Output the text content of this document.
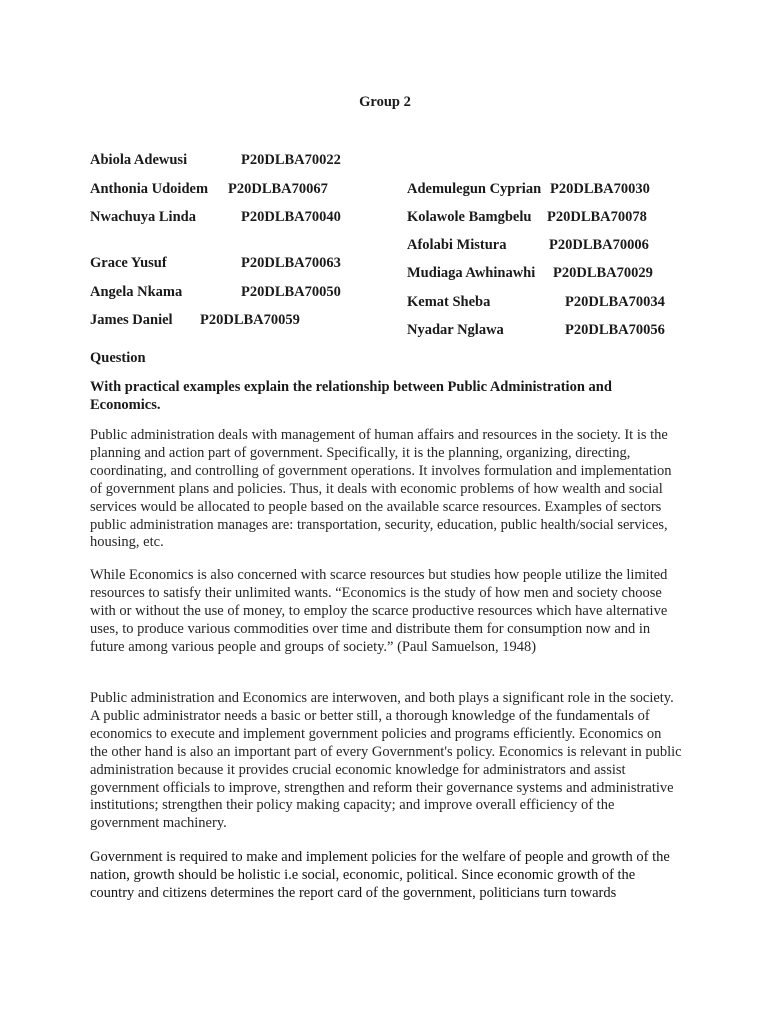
Group 2
Abiola Adewusi	P20DLBA70022
Anthonia Udoidem P20DLBA70067
Nwachuya Linda	P20DLBA70040
Grace Yusuf	P20DLBA70063
Angela Nkama	P20DLBA70050
James Daniel P20DLBA70059
Ademulegun Cyprian P20DLBA70030
Kolawole Bamgbelu P20DLBA70078
Afolabi Mistura	P20DLBA70006
Mudiaga Awhinawhi P20DLBA70029
Kemat Sheba	P20DLBA70034
Nyadar Nglawa	P20DLBA70056
Question
With practical examples explain the relationship between Public Administration and Economics.
Public administration deals with management of human affairs and resources in the society. It is the planning and action part of government. Specifically, it is the planning, organizing, directing, coordinating, and controlling of government operations. It involves formulation and implementation of government plans and policies. Thus, it deals with economic problems of how wealth and social services would be allocated to people based on the available scarce resources. Examples of sectors public administration manages are: transportation, security, education, public health/social services, housing, etc.
While Economics is also concerned with scarce resources but studies how people utilize the limited resources to satisfy their unlimited wants. “Economics is the study of how men and society choose with or without the use of money, to employ the scarce productive resources which have alternative uses, to produce various commodities over time and distribute them for consumption now and in future among various people and groups of society.” (Paul Samuelson, 1948)
Public administration and Economics are interwoven, and both plays a significant role in the society. A public administrator needs a basic or better still, a thorough knowledge of the fundamentals of economics to execute and implement government policies and programs efficiently. Economics on the other hand is also an important part of every Government's policy. Economics is relevant in public administration because it provides crucial economic knowledge for administrators and assist government officials to improve, strengthen and reform their governance systems and administrative institutions; strengthen their policy making capacity; and improve overall efficiency of the government machinery.
Government is required to make and implement policies for the welfare of people and growth of the nation, growth should be holistic i.e social, economic, political. Since economic growth of the country and citizens determines the report card of the government, politicians turn towards
